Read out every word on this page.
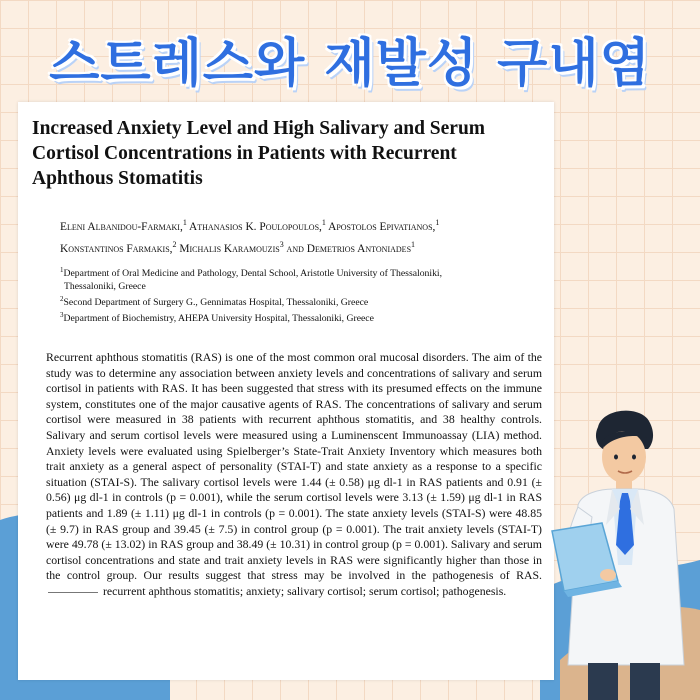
스트레스와 재발성 구내염
Increased Anxiety Level and High Salivary and Serum
Cortisol Concentrations in Patients with Recurrent
Aphthous Stomatitis
Eleni Albanidou-Farmaki,$^1$ Athanasios K. Poulopoulos,$^1$ Apostolos Epivatianos,$^1$
Konstantinos Farmakis,$^2$ Michalis Karamouzis$^3$ and Demetrios Antoniades$^1$
$^1$Department of Oral Medicine and Pathology, Dental School, Aristotle University of Thessaloniki,
Thessaloniki, Greece
$^2$Second Department of Surgery G., Gennimatas Hospital, Thessaloniki, Greece
$^3$Department of Biochemistry, AHEPA University Hospital, Thessaloniki, Greece

Recurrent aphthous stomatitis (RAS) is one of the most common oral mucosal disorders. The aim of the study was to determine any association between anxiety levels and concentrations of salivary and serum cortisol in patients with RAS. It has been suggested that stress with its presumed effects on the immune system, constitutes one of the major causative agents of RAS. The concentrations of salivary and serum cortisol were measured in 38 patients with recurrent aphthous stomatitis, and 38 healthy controls. Salivary and serum cortisol levels were measured using a Luminenscent Immunoassay (LIA) method. Anxiety levels were evaluated using Spielberger’s State-Trait Anxiety Inventory which measures both trait anxiety as a general aspect of personality (STAI-T) and state anxiety as a response to a specific situation (STAI-S). The salivary cortisol levels were 1.44 (± 0.58) μg dl-1 in RAS patients and 0.91 (± 0.56) μg dl-1 in controls (p = 0.001), while the serum cortisol levels were 3.13 (± 1.59) μg dl-1 in RAS patients and 1.89 (± 1.11) μg dl-1 in controls (p = 0.001). The state anxiety levels (STAI-S) were 48.85 (± 9.7) in RAS group and 39.45 (± 7.5) in control group (p = 0.001). The trait anxiety levels (STAI-T) were 49.78 (± 13.02) in RAS group and 38.49 (± 10.31) in control group (p = 0.001). Salivary and serum cortisol concentrations and state and trait anxiety levels in RAS were significantly higher than those in the control group. Our results suggest that stress may be involved in the pathogenesis of RAS.  recurrent aphthous stomatitis; anxiety; salivary cortisol; serum cortisol; pathogenesis.
